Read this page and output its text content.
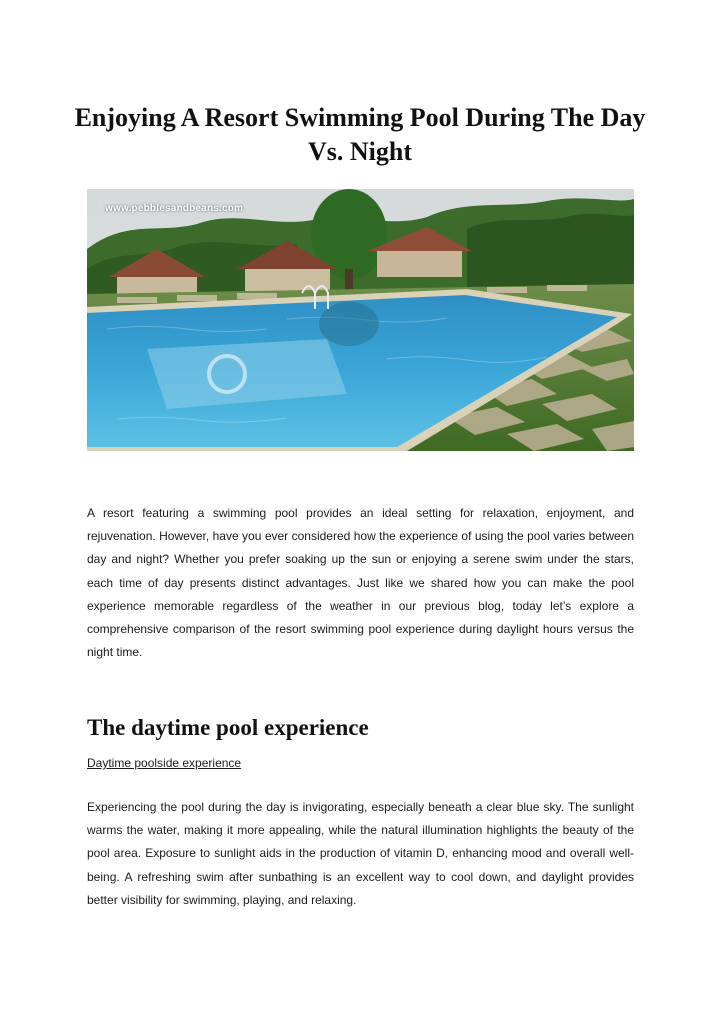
Enjoying A Resort Swimming Pool During The Day Vs. Night
www.pebblesandbeans.com

A resort featuring a swimming pool provides an ideal setting for relaxation, enjoyment, and rejuvenation. However, have you ever considered how the experience of using the pool varies between day and night? Whether you prefer soaking up the sun or enjoying a serene swim under the stars, each time of day presents distinct advantages. Just like we shared how you can make the pool experience memorable regardless of the weather in our previous blog, today let’s explore a comprehensive comparison of the resort swimming pool experience during daylight hours versus the night time.

The daytime pool experience
Daytime poolside experience

Experiencing the pool during the day is invigorating, especially beneath a clear blue sky. The sunlight warms the water, making it more appealing, while the natural illumination highlights the beauty of the pool area. Exposure to sunlight aids in the production of vitamin D, enhancing mood and overall well-being. A refreshing swim after sunbathing is an excellent way to cool down, and daylight provides better visibility for swimming, playing, and relaxing.
